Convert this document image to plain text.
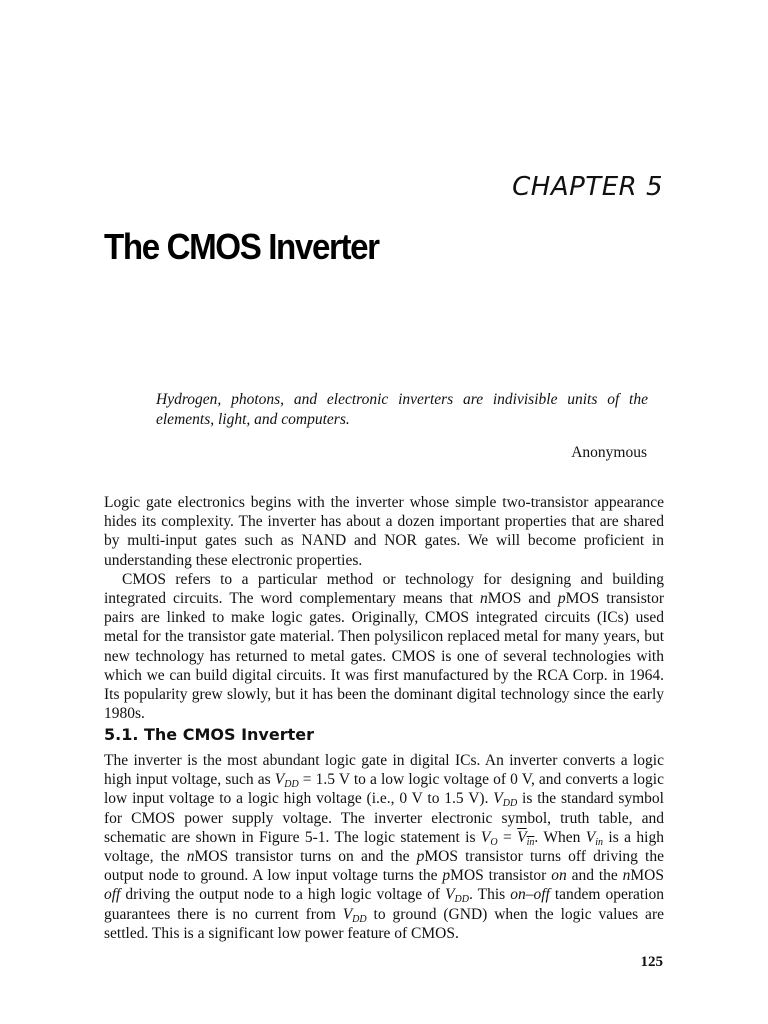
CHAPTER 5
The CMOS Inverter
Hydrogen, photons, and electronic inverters are indivisible units of the elements, light, and computers.
Anonymous

Logic gate electronics begins with the inverter whose simple two-transistor appearance hides its complexity. The inverter has about a dozen important properties that are shared by multi-input gates such as NAND and NOR gates. We will become proficient in understanding these electronic properties.

CMOS refers to a particular method or technology for designing and building integrated circuits. The word complementary means that nMOS and pMOS transistor pairs are linked to make logic gates. Originally, CMOS integrated circuits (ICs) used metal for the transistor gate material. Then polysilicon replaced metal for many years, but new technology has returned to metal gates. CMOS is one of several technologies with which we can build digital circuits. It was first manufactured by the RCA Corp. in 1964. Its popularity grew slowly, but it has been the dominant digital technology since the early 1980s.

5.1. The CMOS Inverter

The inverter is the most abundant logic gate in digital ICs. An inverter converts a logic high input voltage, such as $V_{DD} = 1.5$ V to a low logic voltage of 0 V, and converts a logic low input voltage to a logic high voltage (i.e., 0 V to 1.5 V). $V_{DD}$ is the standard symbol for CMOS power supply voltage. The inverter electronic symbol, truth table, and schematic are shown in Figure 5-1. The logic statement is $V_O = V_{in}$. When $V_{in}$ is a high voltage, the nMOS transistor turns on and the pMOS transistor turns off driving the output node to ground. A low input voltage turns the pMOS transistor on and the nMOS off driving the output node to a high logic voltage of $V_{DD}$. This on–off tandem operation guarantees there is no current from $V_{DD}$ to ground (GND) when the logic values are settled. This is a significant low power feature of CMOS.

125
